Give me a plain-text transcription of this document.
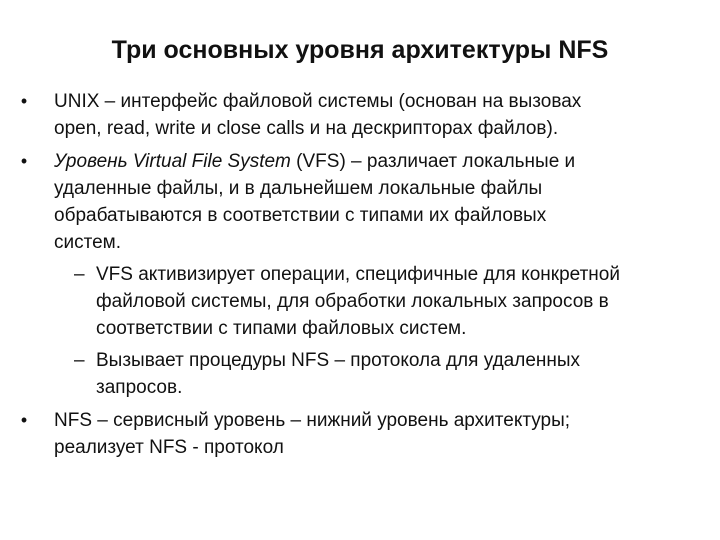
Три основных уровня архитектуры NFS
• UNIX – интерфейс файловой системы (основан на вызовах
open, read, write и close calls и на дескрипторах файлов).
• Уровень Virtual File System (VFS) – различает локальные и
удаленные файлы, и в дальнейшем локальные файлы
обрабатываются в соответствии с типами их файловых
систем.
– VFS активизирует операции, специфичные для конкретной
файловой системы, для обработки локальных запросов в
соответствии с типами файловых систем.
– Вызывает процедуры NFS – протокола для удаленных
запросов.
• NFS – сервисный уровень – нижний уровень архитектуры;
реализует NFS - протокол
